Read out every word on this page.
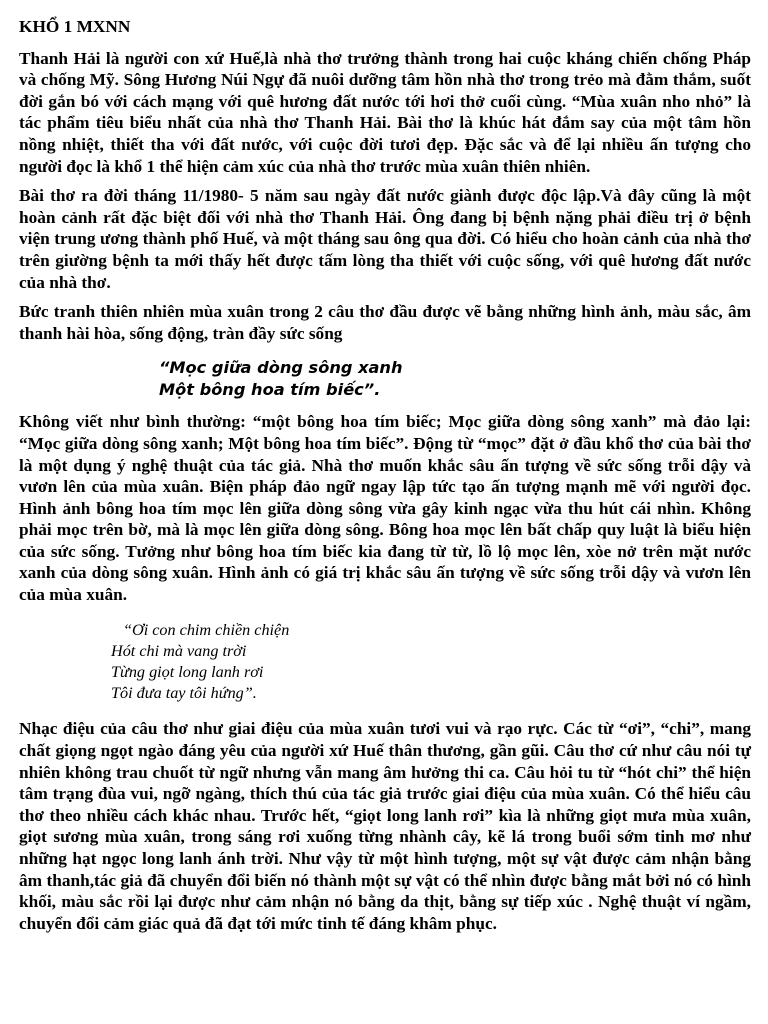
KHỔ 1 MXNN

Thanh Hải là người con xứ Huế,là nhà thơ trưởng thành trong hai cuộc kháng chiến chống Pháp và chống Mỹ. Sông Hương Núi Ngự đã nuôi dưỡng tâm hồn nhà thơ trong trẻo mà đằm thắm, suốt đời gắn bó với cách mạng với quê hương đất nước tới hơi thở cuối cùng. “Mùa xuân nho nhỏ” là tác phẩm tiêu biểu nhất của nhà thơ Thanh Hải. Bài thơ là khúc hát đắm say của một tâm hồn nồng nhiệt, thiết tha với đất nước, với cuộc đời tươi đẹp. Đặc sắc và để lại nhiều ấn tượng cho người đọc là khổ 1 thể hiện cảm xúc của nhà thơ trước mùa xuân thiên nhiên.

Bài thơ ra đời tháng 11/1980- 5 năm sau ngày đất nước giành được độc lập.Và đây cũng là một hoàn cảnh rất đặc biệt đối với nhà thơ Thanh Hải. Ông đang bị bệnh nặng phải điều trị ở bệnh viện trung ương thành phố Huế, và một tháng sau ông qua đời. Có hiểu cho hoàn cảnh của nhà thơ trên giường bệnh ta mới thấy hết được tấm lòng tha thiết với cuộc sống, với quê hương đất nước của nhà thơ.

Bức tranh thiên nhiên mùa xuân trong 2 câu thơ đầu được vẽ bằng những hình ảnh, màu sắc, âm thanh hài hòa, sống động, tràn đầy sức sống

“Mọc giữa dòng sông xanh
Một bông hoa tím biếc”.

Không viết như bình thường: “một bông hoa tím biếc; Mọc giữa dòng sông xanh” mà đảo lại: “Mọc giữa dòng sông xanh; Một bông hoa tím biếc”. Động từ “mọc” đặt ở đầu khổ thơ của bài thơ là một dụng ý nghệ thuật của tác giả. Nhà thơ muốn khắc sâu ấn tượng về sức sống trỗi dậy và vươn lên của mùa xuân. Biện pháp đảo ngữ ngay lập tức tạo ấn tượng mạnh mẽ với người đọc. Hình ảnh bông hoa tím mọc lên giữa dòng sông vừa gây kinh ngạc vừa thu hút cái nhìn. Không phải mọc trên bờ, mà là mọc lên giữa dòng sông. Bông hoa mọc lên bất chấp quy luật là biểu hiện của sức sống. Tưởng như bông hoa tím biếc kia đang từ từ, lồ lộ mọc lên, xòe nở trên mặt nước xanh của dòng sông xuân. Hình ảnh có giá trị khắc sâu ấn tượng về sức sống trỗi dậy và vươn lên của mùa xuân.

“Ơi con chim chiền chiện
Hót chi mà vang trời
Từng giọt long lanh rơi
Tôi đưa tay tôi hứng”.

Nhạc điệu của câu thơ như giai điệu của mùa xuân tươi vui và rạo rực. Các từ “ơi”, “chi”, mang chất giọng ngọt ngào đáng yêu của người xứ Huế thân thương, gần gũi. Câu thơ cứ như câu nói tự nhiên không trau chuốt từ ngữ nhưng vẫn mang âm hưởng thi ca. Câu hỏi tu từ “hót chi” thể hiện tâm trạng đùa vui, ngỡ ngàng, thích thú của tác giả trước giai điệu của mùa xuân. Có thể hiểu câu thơ theo nhiều cách khác nhau. Trước hết, “giọt long lanh rơi” kìa là những giọt mưa mùa xuân, giọt sương mùa xuân, trong sáng rơi xuống từng nhành cây, kẽ lá trong buổi sớm tinh mơ như những hạt ngọc long lanh ánh trời. Như vậy từ một hình tượng, một sự vật được cảm nhận bằng âm thanh,tác giả đã chuyển đổi biến nó thành một sự vật có thể nhìn được bằng mắt bởi nó có hình khối, màu sắc rồi lại được như cảm nhận nó bằng da thịt, bằng sự tiếp xúc . Nghệ thuật ví ngầm, chuyển đổi cảm giác quả đã đạt tới mức tinh tế đáng khâm phục.
